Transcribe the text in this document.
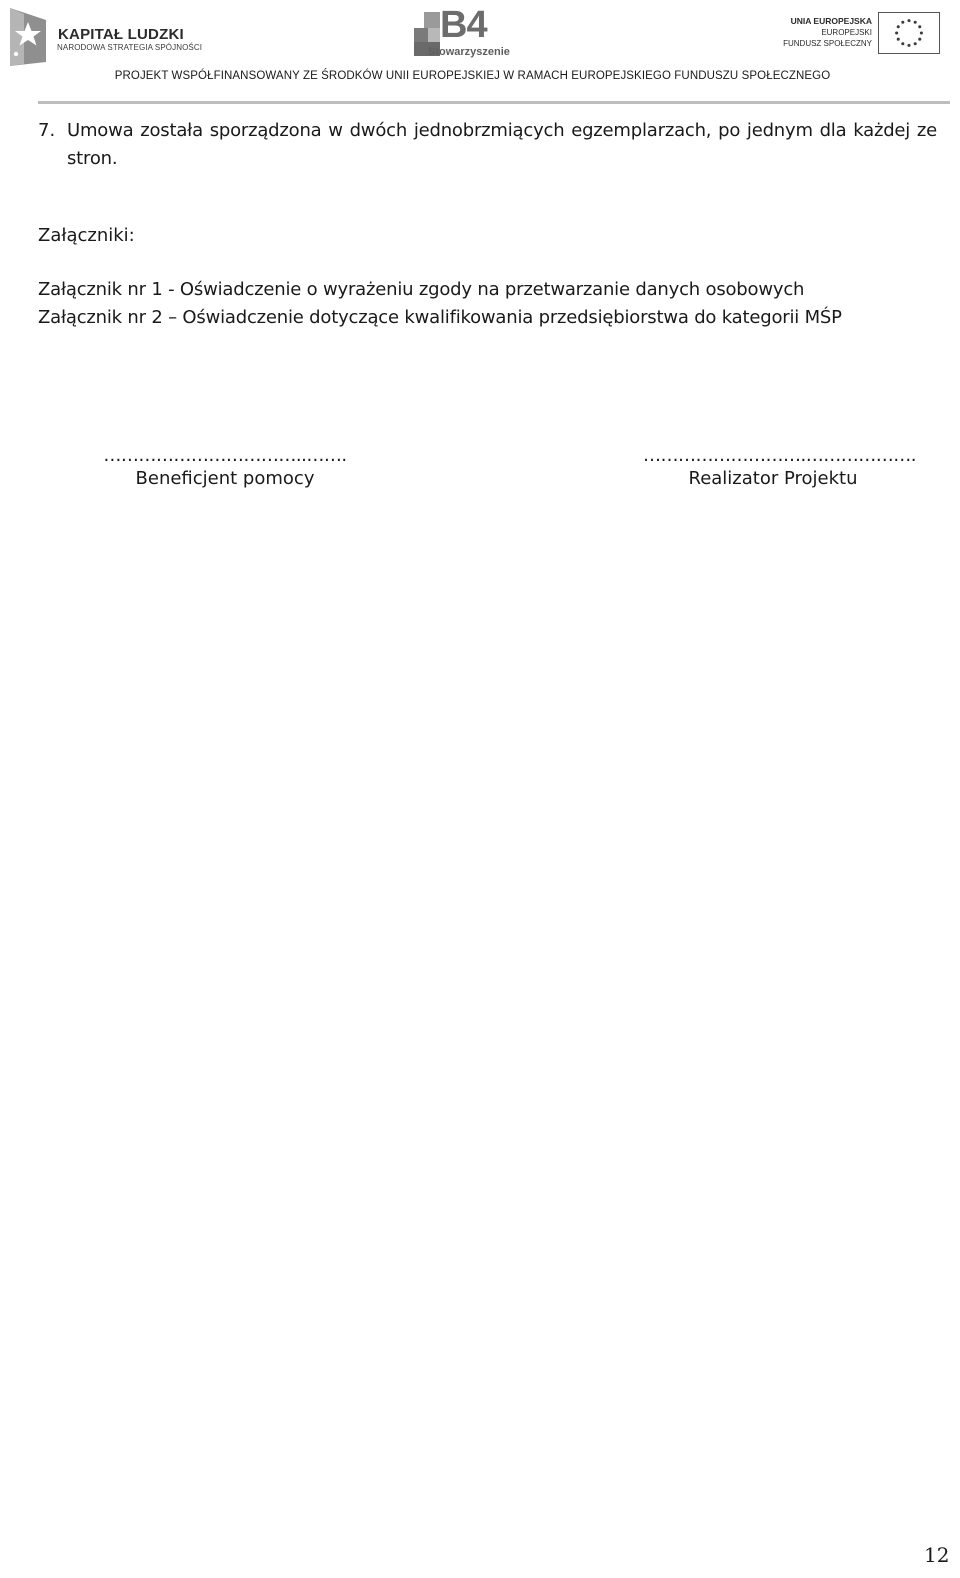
KAPITAŁ LUDZKI
NARODOWA STRATEGIA SPÓJNOŚCI
B4
Stowarzyszenie
UNIA EUROPEJSKA
EUROPEJSKI
FUNDUSZ SPOŁECZNY
PROJEKT WSPÓŁFINANSOWANY ZE ŚRODKÓW UNII EUROPEJSKIEJ W RAMACH EUROPEJSKIEGO FUNDUSZU SPOŁECZNEGO
7. Umowa została sporządzona w dwóch jednobrzmiących egzemplarzach, po jednym dla każdej ze stron.
Załączniki:
Załącznik nr 1 - Oświadczenie o wyrażeniu zgody na przetwarzanie danych osobowych
Załącznik nr 2 – Oświadczenie dotyczące kwalifikowania przedsiębiorstwa do kategorii MŚP
……………………………..…….
Beneficjent pomocy
……………………….……………….
Realizator Projektu
12
